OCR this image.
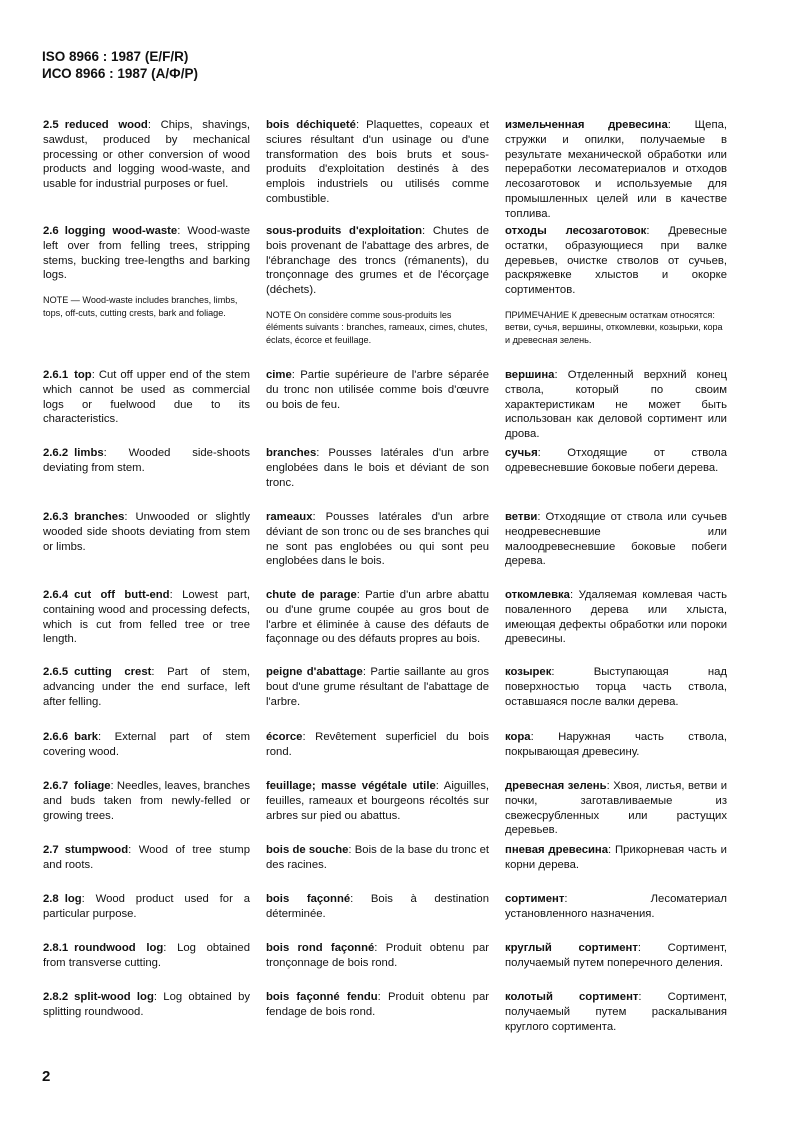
ISO 8966 : 1987 (E/F/R)
ИСО 8966 : 1987 (А/Ф/Р)
2.5 reduced wood: Chips, shavings, sawdust, produced by mechanical processing or other conversion of wood products and logging wood-waste, and usable for industrial purposes or fuel.
bois déchiqueté: Plaquettes, copeaux et sciures résultant d'un usinage ou d'une transformation des bois bruts et sous-produits d'exploitation destinés à des emplois industriels ou utilisés comme combustible.
измельченная древесина: Щепа, стружки и опилки, получаемые в результате механической обработки или переработки лесоматериалов и отходов лесозаготовок и используемые для промышленных целей или в качестве топлива.
2.6 logging wood-waste: Wood-waste left over from felling trees, stripping stems, bucking tree-lengths and barking logs.
NOTE — Wood-waste includes branches, limbs, tops, off-cuts, cutting crests, bark and foliage.
sous-produits d'exploitation: Chutes de bois provenant de l'abattage des arbres, de l'ébranchage des troncs (rémanents), du tronçonnage des grumes et de l'écorçage (déchets).
NOTE On considère comme sous-produits les éléments suivants : branches, rameaux, cimes, chutes, éclats, écorce et feuillage.
отходы лесозаготовок: Древесные остатки, образующиеся при валке деревьев, очистке стволов от сучьев, раскряжевке хлыстов и окорке сортиментов.
ПРИМЕЧАНИЕ К древесным остаткам относятся: ветви, сучья, вершины, откомлевки, козырьки, кора и древесная зелень.
2.6.1 top: Cut off upper end of the stem which cannot be used as commercial logs or fuelwood due to its characteristics.
cime: Partie supérieure de l'arbre séparée du tronc non utilisée comme bois d'œuvre ou bois de feu.
вершина: Отделенный верхний конец ствола, который по своим характеристикам не может быть использован как деловой сортимент или дрова.
2.6.2 limbs: Wooded side-shoots deviating from stem.
branches: Pousses latérales d'un arbre englobées dans le bois et déviant de son tronc.
сучья: Отходящие от ствола одревесневшие боковые побеги дерева.
2.6.3 branches: Unwooded or slightly wooded side shoots deviating from stem or limbs.
rameaux: Pousses latérales d'un arbre déviant de son tronc ou de ses branches qui ne sont pas englobées ou qui sont peu englobées dans le bois.
ветви: Отходящие от ствола или сучьев неодревесневшие или малоодревесневшие боковые побеги дерева.
2.6.4 cut off butt-end: Lowest part, containing wood and processing defects, which is cut from felled tree or tree length.
chute de parage: Partie d'un arbre abattu ou d'une grume coupée au gros bout de l'arbre et éliminée à cause des défauts de façonnage ou des défauts propres au bois.
откомлевка: Удаляемая комлевая часть поваленного дерева или хлыста, имеющая дефекты обработки или пороки древесины.
2.6.5 cutting crest: Part of stem, advancing under the end surface, left after felling.
peigne d'abattage: Partie saillante au gros bout d'une grume résultant de l'abattage de l'arbre.
козырек: Выступающая над поверхностью торца часть ствола, оставшаяся после валки дерева.
2.6.6 bark: External part of stem covering wood.
écorce: Revêtement superficiel du bois rond.
кора: Наружная часть ствола, покрывающая древесину.
2.6.7 foliage: Needles, leaves, branches and buds taken from newly-felled or growing trees.
feuillage; masse végétale utile: Aiguilles, feuilles, rameaux et bourgeons récoltés sur arbres sur pied ou abattus.
древесная зелень: Хвоя, листья, ветви и почки, заготавливаемые из свежесрубленных или растущих деревьев.
2.7 stumpwood: Wood of tree stump and roots.
bois de souche: Bois de la base du tronc et des racines.
пневая древесина: Прикорневая часть и корни дерева.
2.8 log: Wood product used for a particular purpose.
bois façonné: Bois à destination déterminée.
сортимент: Лесоматериал установленного назначения.
2.8.1 roundwood log: Log obtained from transverse cutting.
bois rond façonné: Produit obtenu par tronçonnage de bois rond.
круглый сортимент: Сортимент, получаемый путем поперечного деления.
2.8.2 split-wood log: Log obtained by splitting roundwood.
bois façonné fendu: Produit obtenu par fendage de bois rond.
колотый сортимент: Сортимент, получаемый путем раскалывания круглого сортимента.
2
